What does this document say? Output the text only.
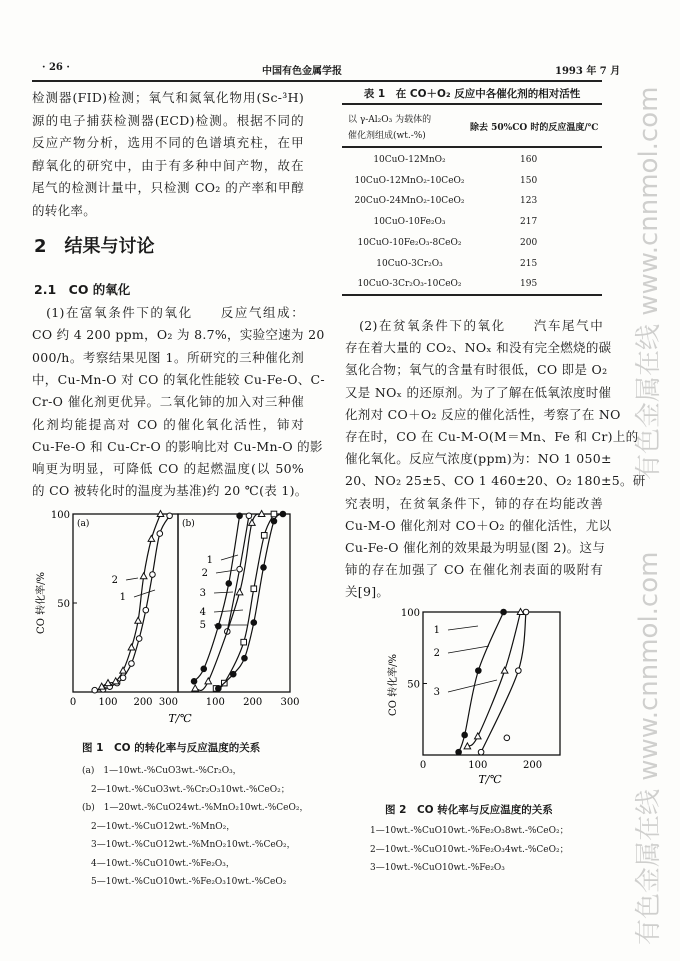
· 26 ·	中国有色金属学报	1993 年 7 月
检测器(FID)检测；氧气和氮氧化物用(Sc-³H)
源的电子捕获检测器(ECD)检测。根据不同的
反应产物分析，选用不同的色谱填充柱，在甲
醇氧化的研究中，由于有多种中间产物，故在
尾气的检测计量中，只检测 CO₂ 的产率和甲醇
的转化率。
　(1)在富氧条件下的氧化　　反应气组成：
CO 约 4 200 ppm，O₂ 为 8.7%，实验空速为 20
000/h。考察结果见图 1。所研究的三种催化剂
中，Cu-Mn-O 对 CO 的氧化性能较 Cu-Fe-O、C-
Cr-O 催化剂更优异。二氧化铈的加入对三种催
化剂均能提高对 CO 的催化氧化活性，铈对
Cu-Fe-O 和 Cu-Cr-O 的影响比对 Cu-Mn-O 的影
响更为明显，可降低 CO 的起燃温度(以 50%
的 CO 被转化时的温度为基准)约 20 ℃(表 1)。
2　结果与讨论
2.1　CO 的氧化
表 1　在 CO＋O₂ 反应中各催化剂的相对活性
以 γ-Al₂O₃ 为载体的
催化剂组成(wt.-%)
除去 50%CO 时的反应温度/℃
10CuO-12MnO₂	160
10CuO-12MnO₂-10CeO₂	150
20CuO-24MnO₂-10CeO₂	123
10CuO-10Fe₂O₃	217
10CuO-10Fe₂O₃-8CeO₂	200
10CuO-3Cr₂O₃	215
10CuO-3Cr₂O₃-10CeO₂	195
　(2)在贫氧条件下的氧化　　汽车尾气中
存在着大量的 CO₂、NOₓ 和没有完全燃烧的碳
氢化合物；氧气的含量有时很低，CO 即是 O₂
又是 NOₓ 的还原剂。为了了解在低氧浓度时催
化剂对 CO＋O₂ 反应的催化活性，考察了在 NO
存在时，CO 在 Cu-M-O(M＝Mn、Fe 和 Cr)上的
催化氧化。反应气浓度(ppm)为：NO 1 050±
20、NO₂ 25±5、CO 1 460±20、O₂ 180±5。研
究表明，在贫氧条件下，铈的存在均能改善
Cu-M-O 催化剂对 CO＋O₂ 的催化活性，尤以
Cu-Fe-O 催化剂的效果最为明显(图 2)。这与
铈的存在加强了 CO 在催化剂表面的吸附有
关[9]。
(a)
0 100 200 300
50
100
1
2
(b)
100 200 300
1
2
3
4
5
T/℃
CO 转化率/%
图 1　CO 的转化率与反应温度的关系
(a)　1—10wt.-%CuO3wt.-%Cr₂O₃，
　2—10wt.-%CuO3wt.-%Cr₂O₃10wt.-%CeO₂；
(b)　1—20wt.-%CuO24wt.-%MnO₂10wt.-%CeO₂，
　2—10wt.-%CuO12wt.-%MnO₂，
　3—10wt.-%CuO12wt.-%MnO₂10wt.-%CeO₂，
　4—10wt.-%CuO10wt.-%Fe₂O₃，
　5—10wt.-%CuO10wt.-%Fe₂O₃10wt.-%CeO₂
0	100	200
50
100
1
2
3
T/℃
CO 转化率/%
图 2　CO 转化率与反应温度的关系
1—10wt.-%CuO10wt.-%Fe₂O₃8wt.-%CeO₂；
2—10wt.-%CuO10wt.-%Fe₂O₃4wt.-%CeO₂；
3—10wt.-%CuO10wt.-%Fe₂O₃
有色金属在线 www.cnnmol.com
有色金属在线 www.cnnmol.com
